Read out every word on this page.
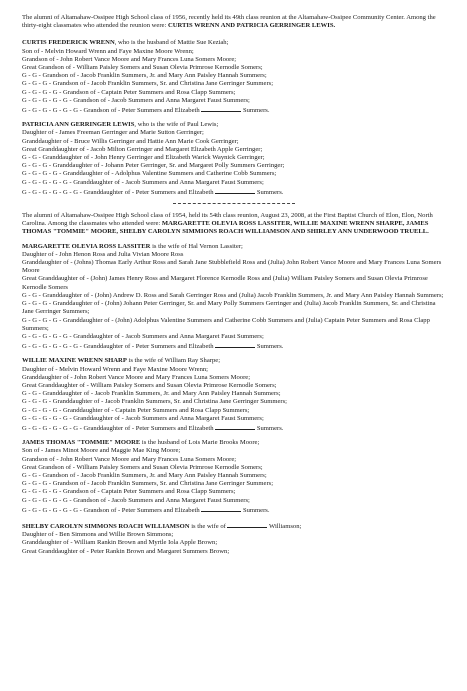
The alumni of Altamahaw-Ossipee High School class of 1956, recently held its 49th class reunion at the Altamahaw-Ossipee Community Center. Among the thirty-eight classmates who attended the reunion were: CURTIS WRENN AND PATRICIA GERRINGER LEWIS.

CURTIS FREDERICK WRENN, who is the husband of Mattie Sue Keziah;

Son of - Melvin Howard Wrenn and Faye Maxine Moore Wrenn;

Grandson of - John Robert Vance Moore and Mary Frances Luna Somers Moore;

Great Grandson of - William Paisley Somers and Susan Olevia Primrose Kernodle Somers;

G - G - Grandson of - Jacob Franklin Summers, Jr. and Mary Ann Paisley Hannah Summers;

G - G - G - Grandson of - Jacob Franklin Summers, Sr. and Christina Jane Gerringer Summers;

G - G - G - G - Grandson of - Captain Peter Summers and Rosa Clapp Summers;

G - G - G - G - G - Grandson of - Jacob Summers and Anna Margaret Faust Summers;

G - G - G - G - G - G - Grandson of - Peter Summers and Elizabeth	Summers.

PATRICIA ANN GERRINGER LEWIS, who is the wife of Paul Lewis;

Daughter of - James Freeman Gerringer and Marie Sutton Gerringer;

Granddaughter of - Bruce Willis Gerringer and Hattie Ann Marie Cook Gerringer;

Great Granddaughter of - Jacob Milton Gerringer and Margaret Elizabeth Apple Gerringer;

G - G - Granddaughter of - John Henry Gerringer and Elizabeth Warick Waynick Gerringer;

G - G - G - Granddaughter of - Johann Peter Gerringer, Sr. and Margaret Polly Summers Gerringer;

G - G - G - G - Granddaughter of - Adolphus Valentine Summers and Catherine Cobb Summers;

G - G - G - G - G - Granddaughter of - Jacob Summers and Anna Margaret Faust Summers;

G - G - G - G - G - G - Granddaughter of - Peter Summers and Elizabeth	Summers.

The alumni of Altamahaw-Ossipee High School class of 1954, held its 54th class reunion, August 23, 2008, at the First Baptist Church of Elon, Elon, North Carolina. Among the classmates who attended were: MARGARETTE OLEVIA ROSS LASSITER, WILLIE MAXINE WRENN SHARPE, JAMES THOMAS "TOMMIE" MOORE, SHELBY CAROLYN SIMMIONS ROACH WILLIAMSON AND SHIRLEY ANN UNDERWOOD TRUELL.

MARGARETTE OLEVIA ROSS LASSITER is the wife of Hal Vernon Lassiter;

Daughter of - John Henon Ross and Julia Vivian Moore Ross

Granddaughter of - (Johns) Thomas Early Arthur Ross and Sarah Jane Stubblefield Ross and (Julia) John Robert Vance Moore and Mary Frances Luna Somers Moore

Great Granddaughter of - (John) James Henry Ross and Margaret Florence Kernodle Ross and (Julia) William Paisley Somers and Susan Olevia Primrose Kernodle Somers

G - G - Granddaughter of - (John) Andrew D. Ross and Sarah Gerringer Ross and (Julia) Jacob Franklin Summers, Jr. and Mary Ann Paisley Hannah Summers;

G - G - G - Granddaughter of - (John) Johann Peter Gerringer, Sr. and Mary Polly Summers Gerringer and (Julia) Jacob Franklin Summers, Sr. and Christina Jane Gerringer Summers;

G - G - G - G - Granddaughter of - (John) Adolphus Valentine Summers and Catherine Cobb Summers and (Julia) Captain Peter Summers and Rosa Clapp Summers;

G - G - G - G - G - Granddaughter of - Jacob Summers and Anna Margaret Faust Summers;

G - G - G - G - G - G - Granddaughter of - Peter Summers and Elizabeth	Summers.

WILLIE MAXINE WRENN SHARP is the wife of William Ray Sharpe;

Daughter of - Melvin Howard Wrenn and Faye Maxine Moore Wrenn;

Granddaughter of - John Robert Vance Moore and Mary Frances Luna Somers Moore;

Great Granddaughter of - William Paisley Somers and Susan Olevia Primrose Kernodle Somers;

G - G - Granddaughter of - Jacob Franklin Summers, Jr. and Mary Ann Paisley Hannah Summers;

G - G - G - Granddaughter of - Jacob Franklin Summers, Sr. and Christina Jane Gerringer Summers;

G - G - G - G - Granddaughter of - Captain Peter Summers and Rosa Clapp Summers;

G - G - G - G - G - Granddaughter of - Jacob Summers and Anna Margaret Faust Summers;

G - G - G - G - G - G - Granddaughter of - Peter Summers and Elizabeth	Summers.

JAMES THOMAS "TOMMIE" MOORE is the husband of Lois Marie Brooks Moore;

Son of - James Minot Moore and Maggie Mae King Moore;

Grandson of - John Robert Vance Moore and Mary Frances Luna Somers Moore;

Great Grandson of - William Paisley Somers and Susan Olevia Primrose Kernodle Somers;

G - G - Grandson of - Jacob Franklin Summers, Jr. and Mary Ann Paisley Hannah Summers;

G - G - G - Grandson of - Jacob Franklin Summers, Sr. and Christina Jane Gerringer Summers;

G - G - G - G - Grandson of - Captain Peter Summers and Rosa Clapp Summers;

G - G - G - G - G - Grandson of - Jacob Summers and Anna Margaret Faust Summers;

G - G - G - G - G - G - Grandson of - Peter Summers and Elizabeth	Summers.

SHELBY CAROLYN SIMMONS ROACH WILLIAMSON is the wife of	Williamson;

Daughter of - Ben Simmons and Willie Brown Simmons;

Granddaughter of - William Rankin Brown and Myrtle Iola Apple Brown;

Great Granddaughter of - Peter Rankin Brown and Margaret Summers Brown;
